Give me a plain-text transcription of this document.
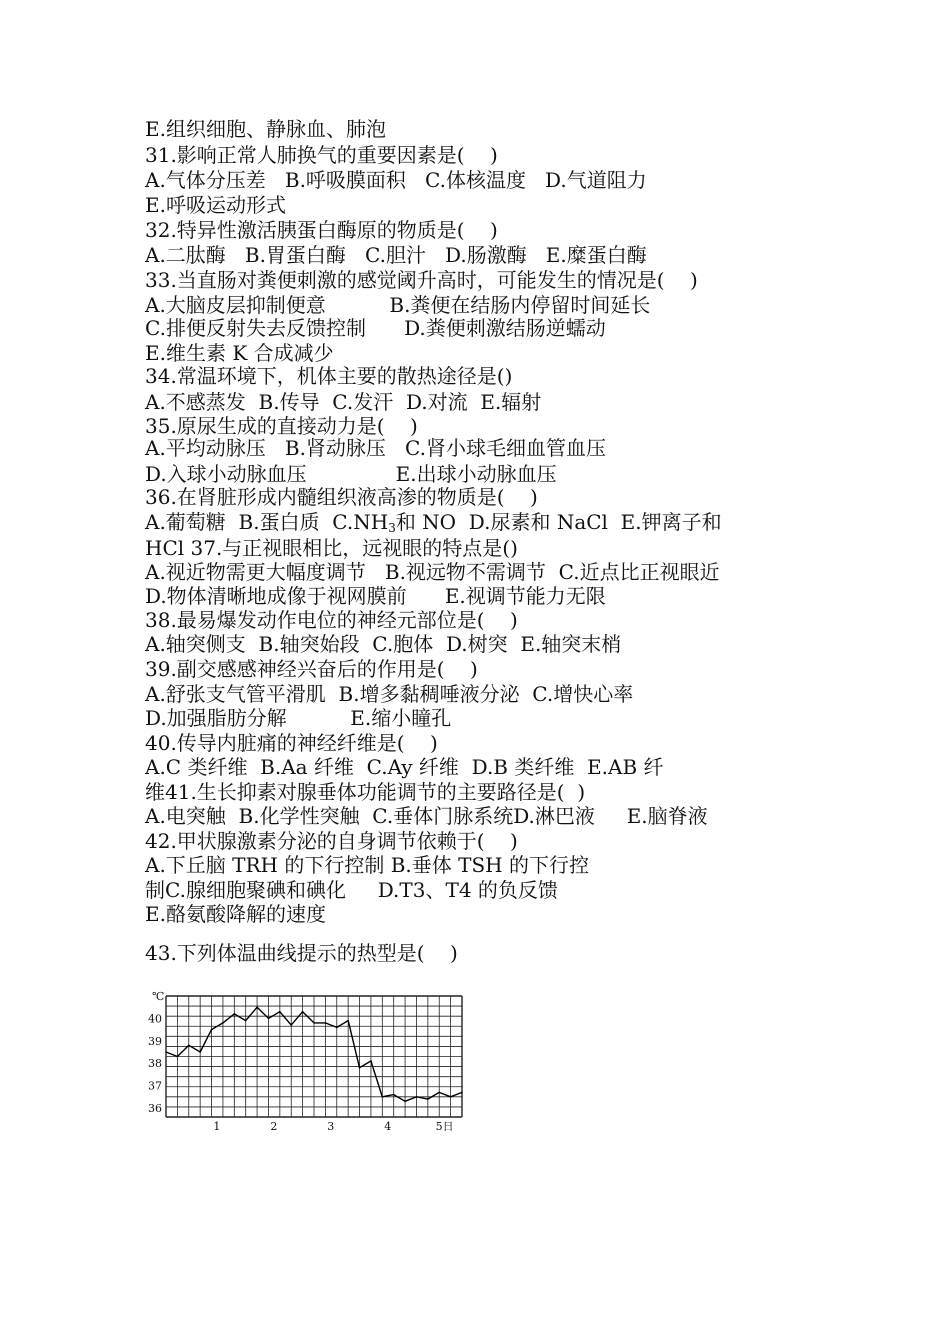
E.组织细胞、静脉血、肺泡
31.影响正常人肺换气的重要因素是(    )
A.气体分压差   B.呼吸膜面积   C.体核温度   D.气道阻力
E.呼吸运动形式
32.特异性激活胰蛋白酶原的物质是(    )
A.二肽酶   B.胃蛋白酶   C.胆汁   D.肠激酶   E.糜蛋白酶
33.当直肠对粪便刺激的感觉阈升高时，可能发生的情况是(    )
A.大脑皮层抑制便意          B.粪便在结肠内停留时间延长
C.排便反射失去反馈控制      D.粪便刺激结肠逆蠕动
E.维生素 K 合成减少
34.常温环境下，机体主要的散热途径是()
A.不感蒸发  B.传导  C.发汗  D.对流  E.辐射
35.原尿生成的直接动力是(    )
A.平均动脉压   B.肾动脉压   C.肾小球毛细血管血压
D.入球小动脉血压              E.出球小动脉血压
36.在肾脏形成内髓组织液高渗的物质是(    )
A.葡萄糖  B.蛋白质  $C.NH_3$和 NO  D.尿素和 NaCl  E.钾离子和
HCl 37.与正视眼相比，远视眼的特点是()
A.视近物需更大幅度调节   B.视远物不需调节  C.近点比正视眼近
D.物体清晰地成像于视网膜前      E.视调节能力无限
38.最易爆发动作电位的神经元部位是(    )
A.轴突侧支  B.轴突始段  C.胞体  D.树突  E.轴突末梢
39.副交感感神经兴奋后的作用是(    )
A.舒张支气管平滑肌  B.增多黏稠唾液分泌  C.增快心率
D.加强脂肪分解          E.缩小瞳孔
40.传导内脏痛的神经纤维是(    )
A.C 类纤维  B.Aa 纤维  C.Ay 纤维  D.B 类纤维  E.AB 纤
维41.生长抑素对腺垂体功能调节的主要路径是(  )
A.电突触  B.化学性突触  C.垂体门脉系统D.淋巴液     E.脑脊液
42.甲状腺激素分泌的自身调节依赖于(    )
A.下丘脑 TRH 的下行控制 B.垂体 TSH 的下行控
制C.腺细胞聚碘和碘化     D.T3、T4 的负反馈
E.酪氨酸降解的速度
43.下列体温曲线提示的热型是(    )
36
37
38
39
40
℃
1	2	3	4	5日
